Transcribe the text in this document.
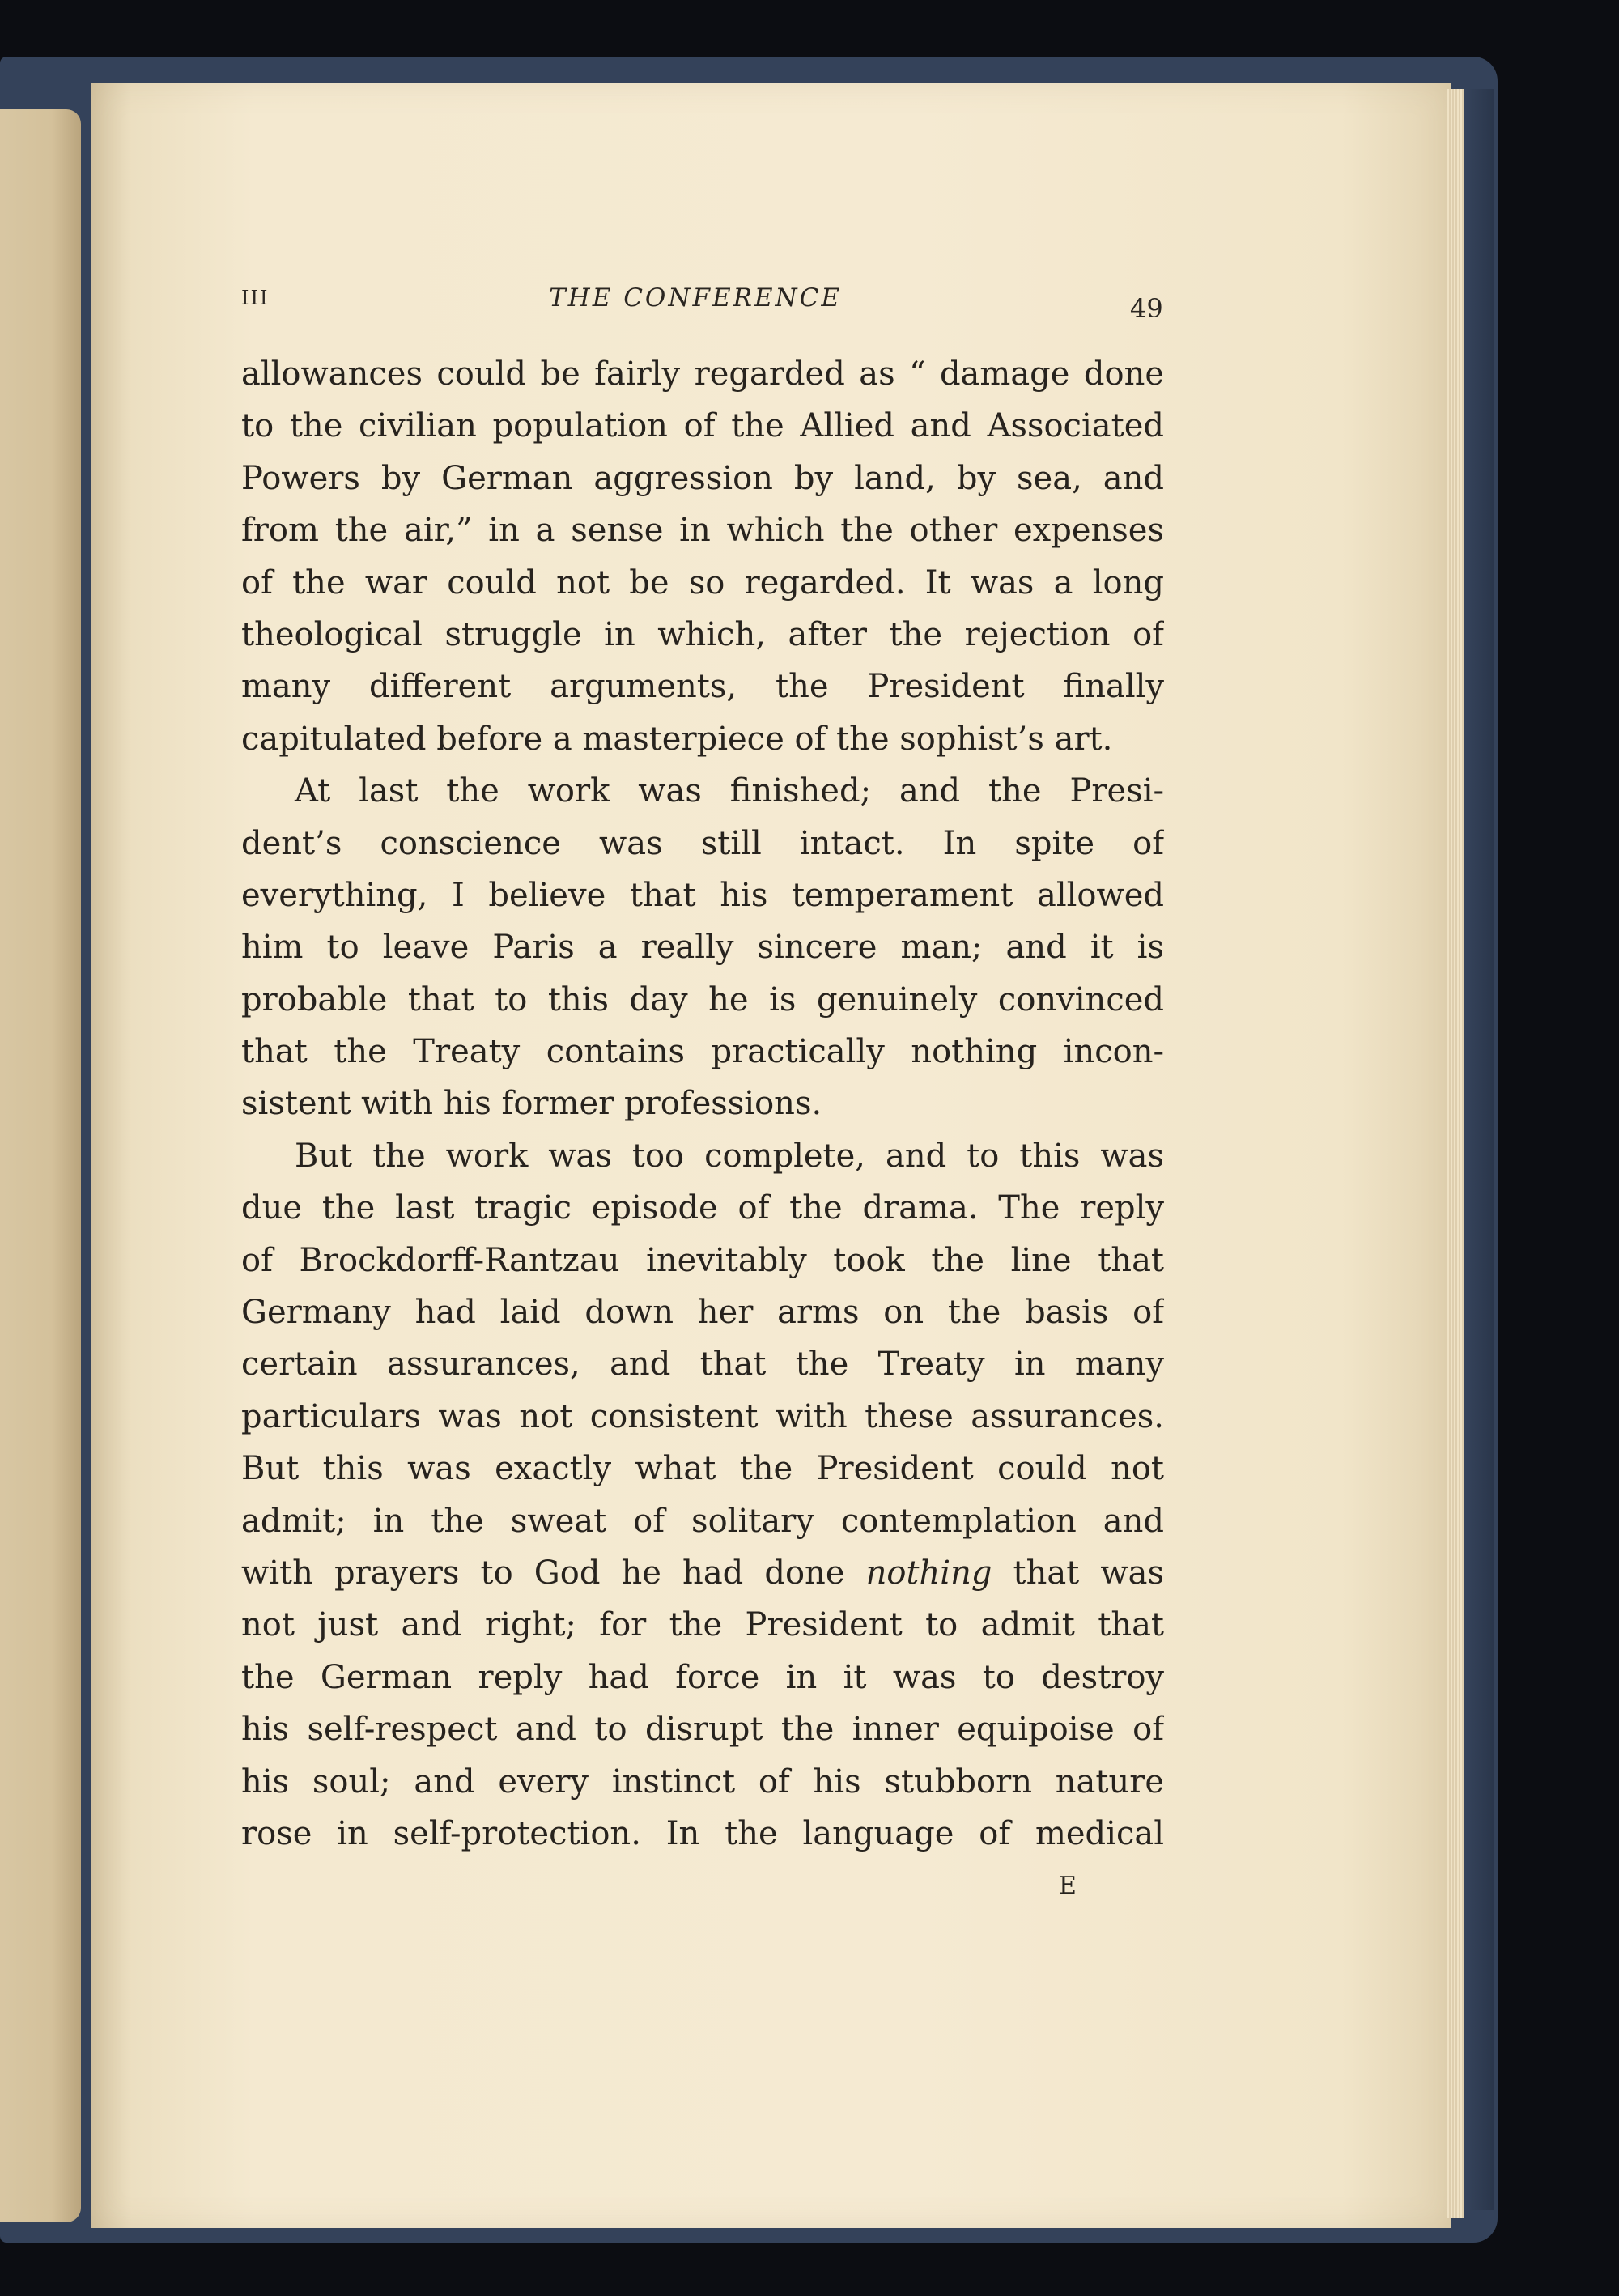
III	THE CONFERENCE	49
allowances could be fairly regarded as “ damage done
to the civilian population of the Allied and Associated
Powers by German aggression by land, by sea, and
from the air,” in a sense in which the other expenses
of the war could not be so regarded. It was a long
theological struggle in which, after the rejection of
many different arguments, the President finally
capitulated before a masterpiece of the sophist’s art.
At last the work was finished; and the Presi-
dent’s conscience was still intact. In spite of
everything, I believe that his temperament allowed
him to leave Paris a really sincere man; and it is
probable that to this day he is genuinely convinced
that the Treaty contains practically nothing incon-
sistent with his former professions.
But the work was too complete, and to this was
due the last tragic episode of the drama. The reply
of Brockdorff-Rantzau inevitably took the line that
Germany had laid down her arms on the basis of
certain assurances, and that the Treaty in many
particulars was not consistent with these assurances.
But this was exactly what the President could not
admit; in the sweat of solitary contemplation and
with prayers to God he had done nothing that was
not just and right; for the President to admit that
the German reply had force in it was to destroy
his self-respect and to disrupt the inner equipoise of
his soul; and every instinct of his stubborn nature
rose in self-protection. In the language of medical
E
